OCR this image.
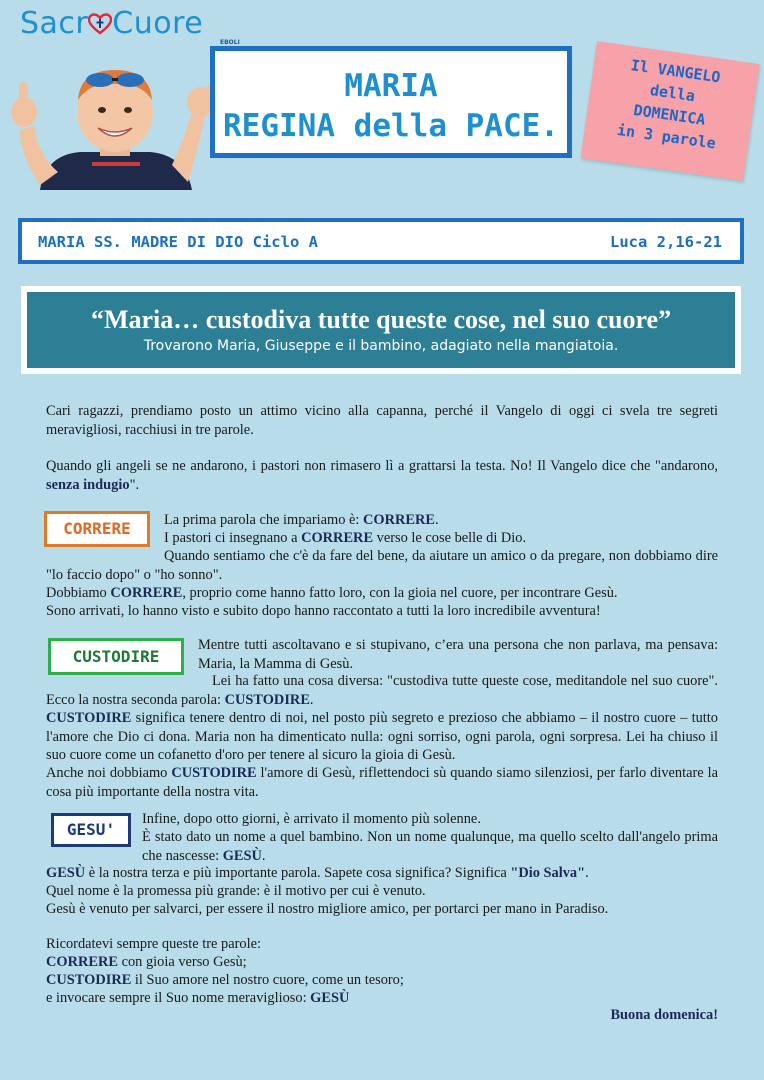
Sacr Cuore
EBOLI
MARIA
REGINA della PACE.
Il VANGELO
della
DOMENICA
in 3 parole
MARIA SS. MADRE DI DIO Ciclo A	Luca 2,16-21
“Maria… custodiva tutte queste cose, nel suo cuore”
Trovarono Maria, Giuseppe e il bambino, adagiato nella mangiatoia.
Cari ragazzi, prendiamo posto un attimo vicino alla capanna, perché il Vangelo di oggi ci svela tre segreti meravigliosi, racchiusi in tre parole.
Quando gli angeli se ne andarono, i pastori non rimasero lì a grattarsi la testa. No! Il Vangelo dice che "andarono, senza indugio".
CORRERE	La prima parola che impariamo è: CORRERE.
I pastori ci insegnano a CORRERE verso le cose belle di Dio.
Quando sentiamo che c'è da fare del bene, da aiutare un amico o da pregare, non dobbiamo dire "lo faccio dopo" o "ho sonno".
Dobbiamo CORRERE, proprio come hanno fatto loro, con la gioia nel cuore, per incontrare Gesù.
Sono arrivati, lo hanno visto e subito dopo hanno raccontato a tutti la loro incredibile avventura!
CUSTODIRE
Mentre tutti ascoltavano e si stupivano, c’era una persona che non parlava, ma pensava: Maria, la Mamma di Gesù.
Lei ha fatto una cosa diversa: "custodiva tutte queste cose, meditandole nel suo cuore". Ecco la nostra seconda parola: CUSTODIRE.
CUSTODIRE significa tenere dentro di noi, nel posto più segreto e prezioso che abbiamo – il nostro cuore – tutto l'amore che Dio ci dona. Maria non ha dimenticato nulla: ogni sorriso, ogni parola, ogni sorpresa. Lei ha chiuso il suo cuore come un cofanetto d'oro per tenere al sicuro la gioia di Gesù.
Anche noi dobbiamo CUSTODIRE l'amore di Gesù, riflettendoci sù quando siamo silenziosi, per farlo diventare la cosa più importante della nostra vita.
GESU'
Infine, dopo otto giorni, è arrivato il momento più solenne.
È stato dato un nome a quel bambino. Non un nome qualunque, ma quello scelto dall'angelo prima che nascesse: GESÙ.
GESÙ è la nostra terza e più importante parola. Sapete cosa significa? Significa "Dio Salva".
Quel nome è la promessa più grande: è il motivo per cui è venuto.
Gesù è venuto per salvarci, per essere il nostro migliore amico, per portarci per mano in Paradiso.
Ricordatevi sempre queste tre parole:
CORRERE con gioia verso Gesù;
CUSTODIRE il Suo amore nel nostro cuore, come un tesoro;
e invocare sempre il Suo nome meraviglioso: GESÙ
Buona domenica!
